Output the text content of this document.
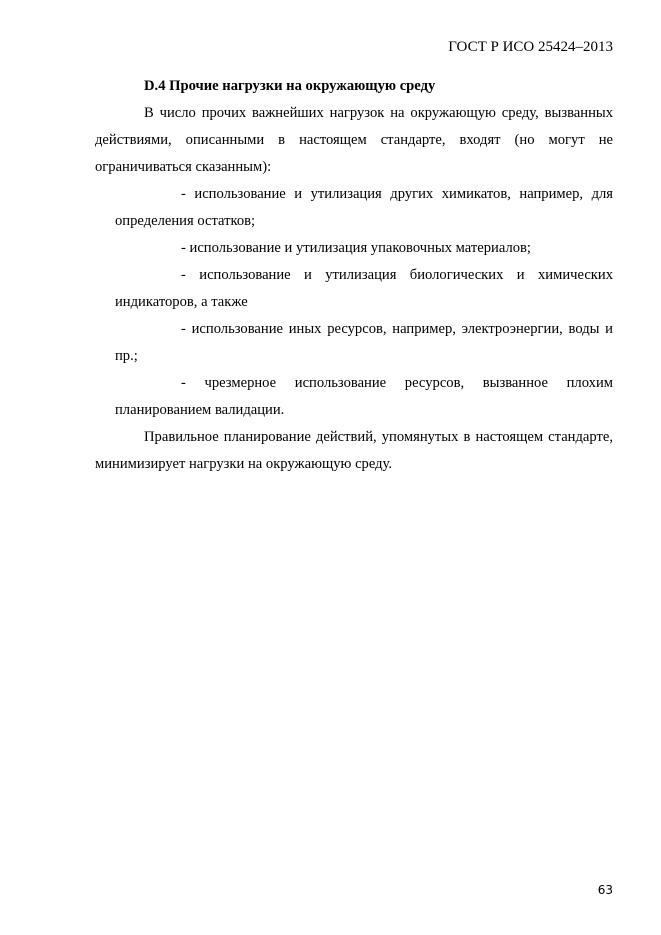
ГОСТ Р ИСО 25424–2013

D.4 Прочие нагрузки на окружающую среду

В число прочих важнейших нагрузок на окружающую среду, вызванных действиями, описанными в настоящем стандарте, входят (но могут не ограничиваться сказанным):

- использование и утилизация других химикатов, например, для определения остатков;
- использование и утилизация упаковочных материалов;
- использование и утилизация биологических и химических индикаторов, а также
- использование иных ресурсов, например, электроэнергии, воды и пр.;
- чрезмерное использование ресурсов, вызванное плохим планированием валидации.

Правильное планирование действий, упомянутых в настоящем стандарте, минимизирует нагрузки на окружающую среду.

63
